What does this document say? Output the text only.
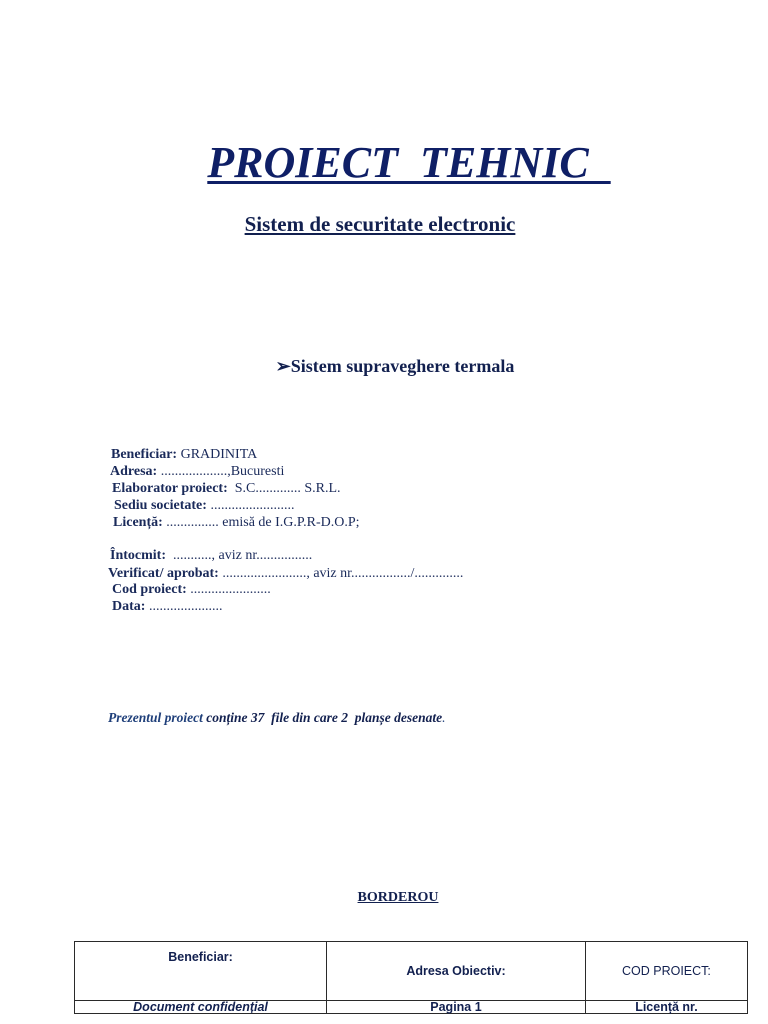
PROIECT  TEHNIC
Sistem de securitate electronic
➢Sistem supraveghere termala
Beneficiar: GRADINITA
Adresa: ...................,Bucuresti
Elaborator proiect:  S.C............. S.R.L.
Sediu societate: ........................
Licență: ............... emisă de I.G.P.R-D.O.P;
Întocmit:  ..........., aviz nr................
Verificat/ aprobat: ........................, aviz nr................./..............
Cod proiect: .......................
Data: .....................
Prezentul proiect conține 37  file din care 2  planșe desenate.
BORDEROU
Beneficiar:	Adresa Obiectiv:	COD PROIECT:
Document confidențial	Pagina 1	Licență nr.
